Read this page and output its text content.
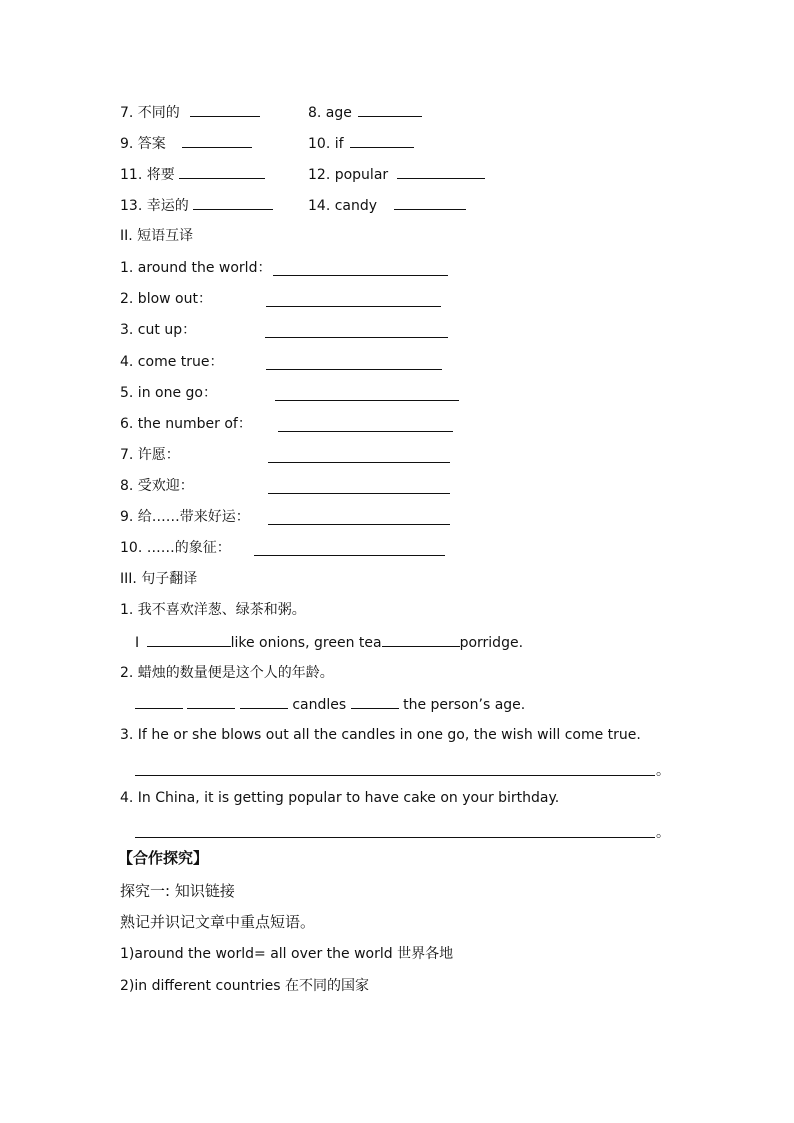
7. 不同的	8. age
9. 答案	10. if
11. 将要	12. popular
13. 幸运的	14. candy
II. 短语互译
1. around the world：
2. blow out：
3. cut up：
4. come true：
5. in one go：
6. the number of：
7. 许愿：
8. 受欢迎：
9. 给……带来好运：
10. ……的象征：
III. 句子翻译
1. 我不喜欢洋葱、绿茶和粥。
I	like onions, green tea	porridge.
2. 蜡烛的数量便是这个人的年龄。
candles	the person’s age.
3. If he or she blows out all the candles in one go, the wish will come true.
。
4. In China, it is getting popular to have cake on your birthday.
。
【合作探究】
探究一: 知识链接
熟记并识记文章中重点短语。
1)around the world= all over the world 世界各地
2)in different countries 在不同的国家
